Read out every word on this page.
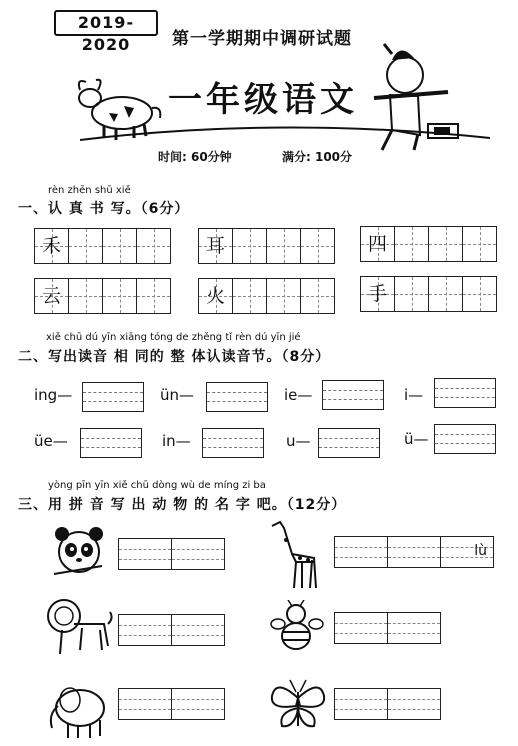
2019-2020	第一学期期中调研试题
一年级语文
时间: 60分钟	满分: 100分
rèn zhēn shū xiě
一、认 真 书 写。（6分）
禾	耳	四
云	火	手
xiě chū dú yīn xiāng tóng de zhěng tǐ rèn dú yīn jié
二、写出读音 相 同的 整 体认读音节。（8分）
ing—	ün—	ie—	i—
üe—	in—	u—	ü—
yòng pīn yīn xiě chū dòng wù de míng zi ba
三、用 拼 音 写 出 动 物 的 名 字 吧。（12分）
lù
